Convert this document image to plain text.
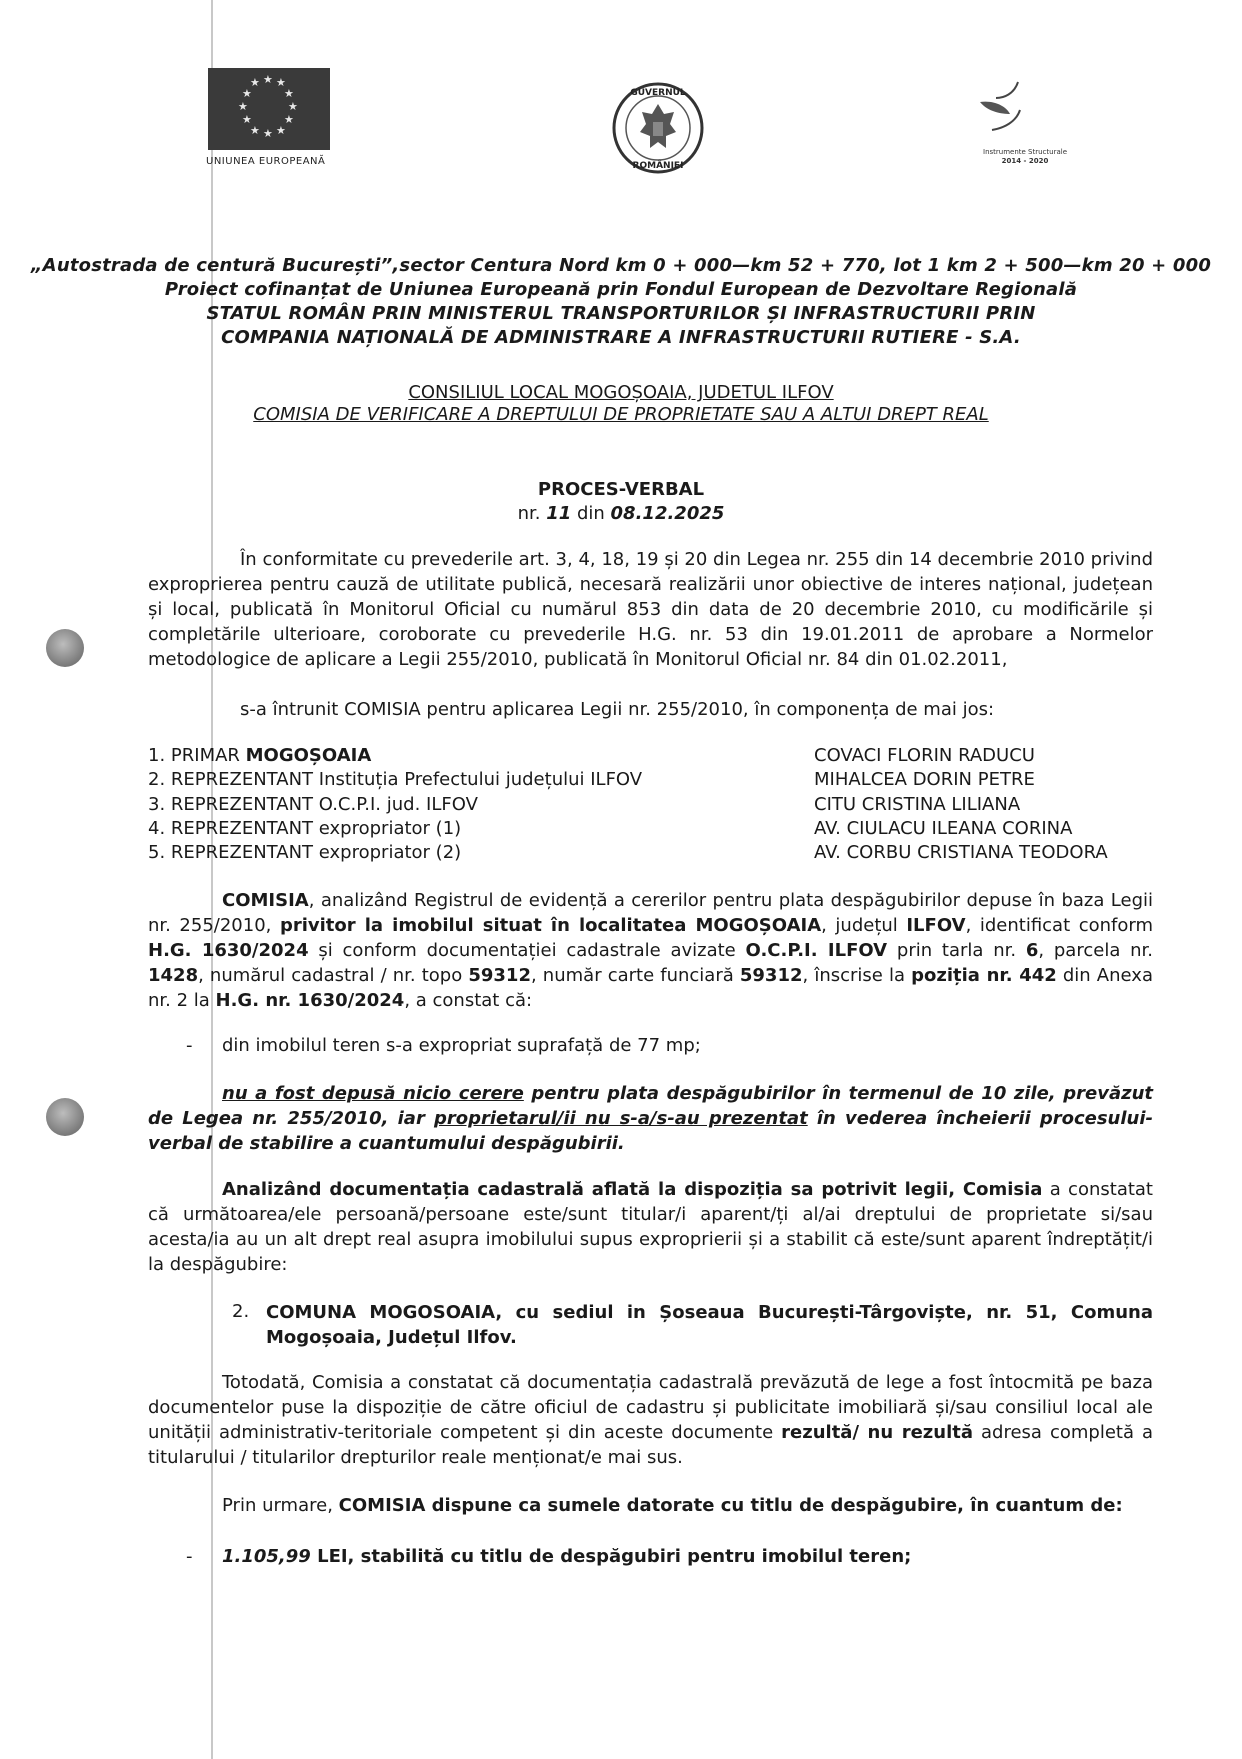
★ ★
★
★
★
★
★
★
★
★
★ ★
UNIUNEA EUROPEANĂ
GUVERNUL
ROMÂNIEI
Instrumente Structurale
2014 - 2020
„Autostrada de centură București”,sector Centura Nord km 0 + 000—km 52 + 770, lot 1 km 2 + 500—km 20 + 000
Proiect cofinanțat de Uniunea Europeană prin Fondul European de Dezvoltare Regională
STATUL ROMÂN PRIN MINISTERUL TRANSPORTURILOR ȘI INFRASTRUCTURII PRIN
COMPANIA NAȚIONALĂ DE ADMINISTRARE A INFRASTRUCTURII RUTIERE - S.A.
CONSILIUL LOCAL MOGOȘOAIA, JUDETUL ILFOV
COMISIA DE VERIFICARE A DREPTULUI DE PROPRIETATE SAU A ALTUI DREPT REAL
PROCES-VERBAL
nr. 11 din 08.12.2025
În conformitate cu prevederile art. 3, 4, 18, 19 și 20 din Legea nr. 255 din 14 decembrie 2010 privind exproprierea pentru cauză de utilitate publică, necesară realizării unor obiective de interes național, județean și local, publicată în Monitorul Oficial cu numărul 853 din data de 20 decembrie 2010, cu modificările și completările ulterioare, coroborate cu prevederile H.G. nr. 53 din 19.01.2011 de aprobare a Normelor metodologice de aplicare a Legii 255/2010, publicată în Monitorul Oficial nr. 84 din 01.02.2011,
s-a întrunit COMISIA pentru aplicarea Legii nr. 255/2010, în componența de mai jos:
1. PRIMAR MOGOȘOAIA	COVACI FLORIN RADUCU
2. REPREZENTANT Instituția Prefectului județului ILFOV	MIHALCEA DORIN PETRE
3. REPREZENTANT O.C.P.I. jud. ILFOV	CITU CRISTINA LILIANA
4. REPREZENTANT expropriator (1)	AV. CIULACU ILEANA CORINA
5. REPREZENTANT expropriator (2)	AV. CORBU CRISTIANA TEODORA
COMISIA, analizând Registrul de evidență a cererilor pentru plata despăgubirilor depuse în baza Legii nr. 255/2010, privitor la imobilul situat în localitatea MOGOȘOAIA, județul ILFOV, identificat conform H.G. 1630/2024 și conform documentației cadastrale avizate O.C.P.I. ILFOV prin tarla nr. 6, parcela nr. 1428, numărul cadastral / nr. topo 59312, număr carte funciară 59312, înscrise la poziția nr. 442 din Anexa nr. 2 la H.G. nr. 1630/2024, a constat că:
- din imobilul teren s-a expropriat suprafață de 77 mp;
nu a fost depusă nicio cerere pentru plata despăgubirilor în termenul de 10 zile, prevăzut de Legea nr. 255/2010, iar proprietarul/ii nu s-a/s-au prezentat în vederea încheierii procesului-verbal de stabilire a cuantumului despăgubirii.
Analizând documentația cadastrală aflată la dispoziția sa potrivit legii, Comisia a constatat că următoarea/ele persoană/persoane este/sunt titular/i aparent/ți al/ai dreptului de proprietate si/sau acesta/ia au un alt drept real asupra imobilului supus exproprierii și a stabilit că este/sunt aparent îndreptățit/i la despăgubire:
2. COMUNA MOGOSOAIA, cu sediul in Șoseaua București-Târgoviște, nr. 51, Comuna
Mogoșoaia, Județul Ilfov.
Totodată, Comisia a constatat că documentația cadastrală prevăzută de lege a fost întocmită pe baza documentelor puse la dispoziție de către oficiul de cadastru și publicitate imobiliară și/sau consiliul local ale unității administrativ-teritoriale competent și din aceste documente rezultă/ nu rezultă adresa completă a titularului / titularilor drepturilor reale menționat/e mai sus.
Prin urmare, COMISIA dispune ca sumele datorate cu titlu de despăgubire, în cuantum de:
- 1.105,99 LEI, stabilită cu titlu de despăgubiri pentru imobilul teren;
